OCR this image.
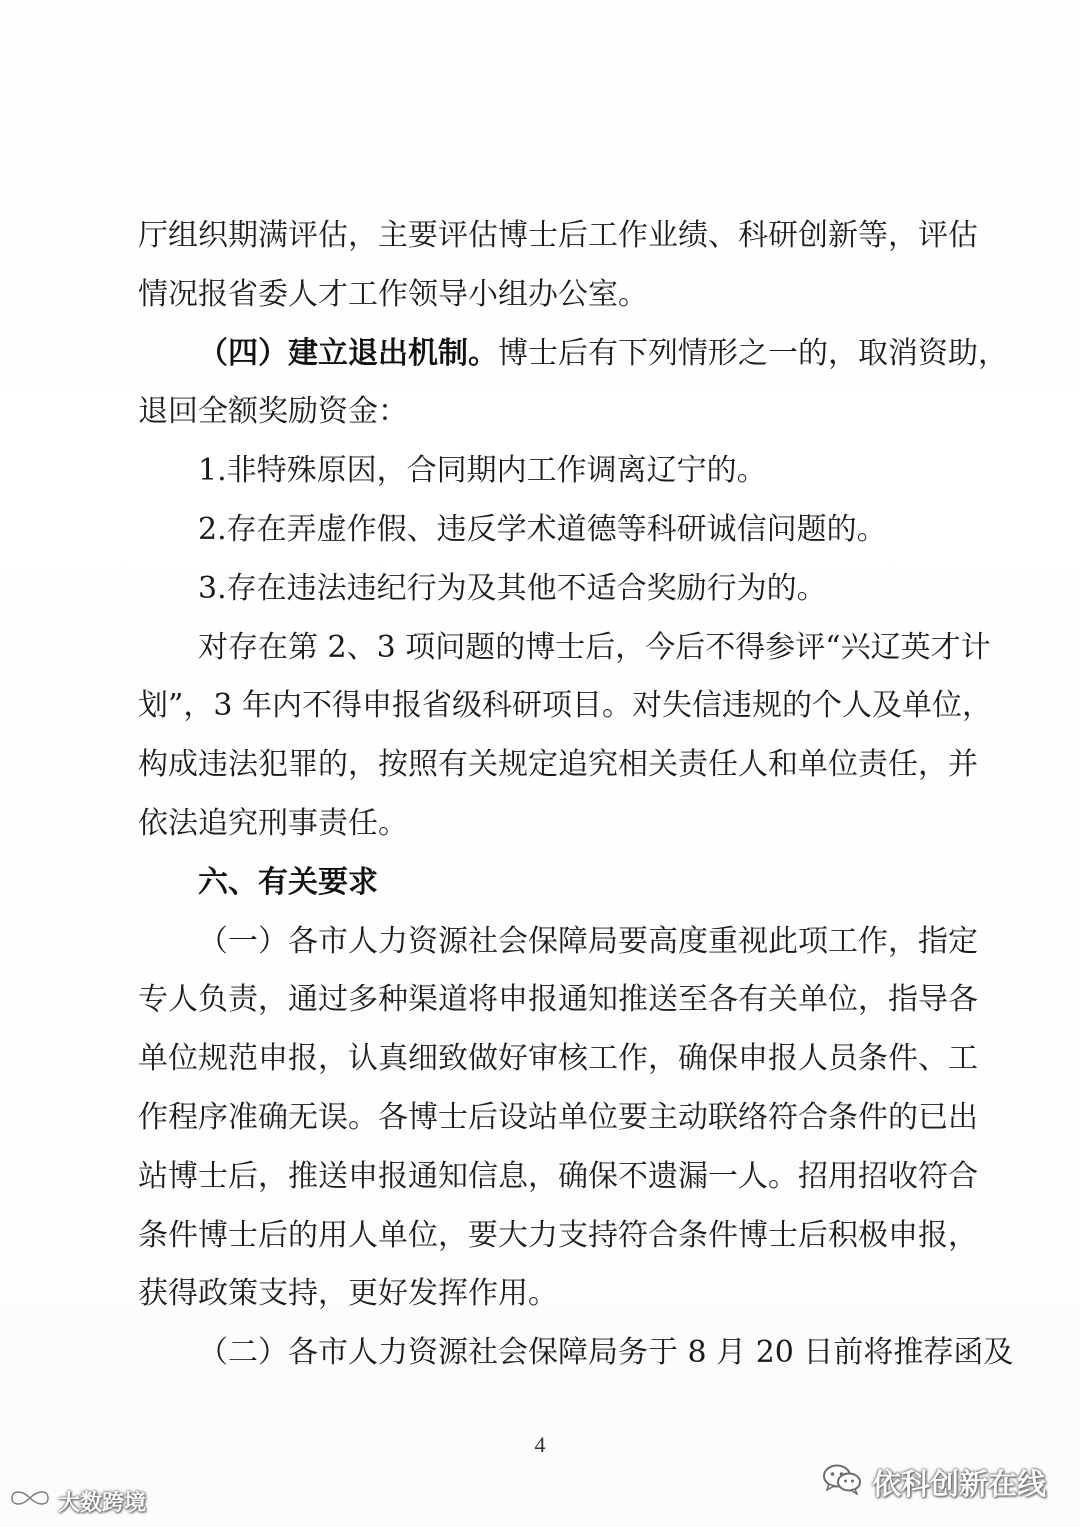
厅组织期满评估，主要评估博士后工作业绩、科研创新等，评估
情况报省委人才工作领导小组办公室。
（四）建立退出机制。博士后有下列情形之一的，取消资助，
退回全额奖励资金：
1.非特殊原因，合同期内工作调离辽宁的。
2.存在弄虚作假、违反学术道德等科研诚信问题的。
3.存在违法违纪行为及其他不适合奖励行为的。
对存在第 2、3 项问题的博士后，今后不得参评“兴辽英才计
划”，3 年内不得申报省级科研项目。对失信违规的个人及单位，
构成违法犯罪的，按照有关规定追究相关责任人和单位责任，并
依法追究刑事责任。
六、有关要求
（一）各市人力资源社会保障局要高度重视此项工作，指定
专人负责，通过多种渠道将申报通知推送至各有关单位，指导各
单位规范申报，认真细致做好审核工作，确保申报人员条件、工
作程序准确无误。各博士后设站单位要主动联络符合条件的已出
站博士后，推送申报通知信息，确保不遗漏一人。招用招收符合
条件博士后的用人单位，要大力支持符合条件博士后积极申报，
获得政策支持，更好发挥作用。
（二）各市人力资源社会保障局务于 8 月 20 日前将推荐函及
4
依科创新在线
大数跨境
